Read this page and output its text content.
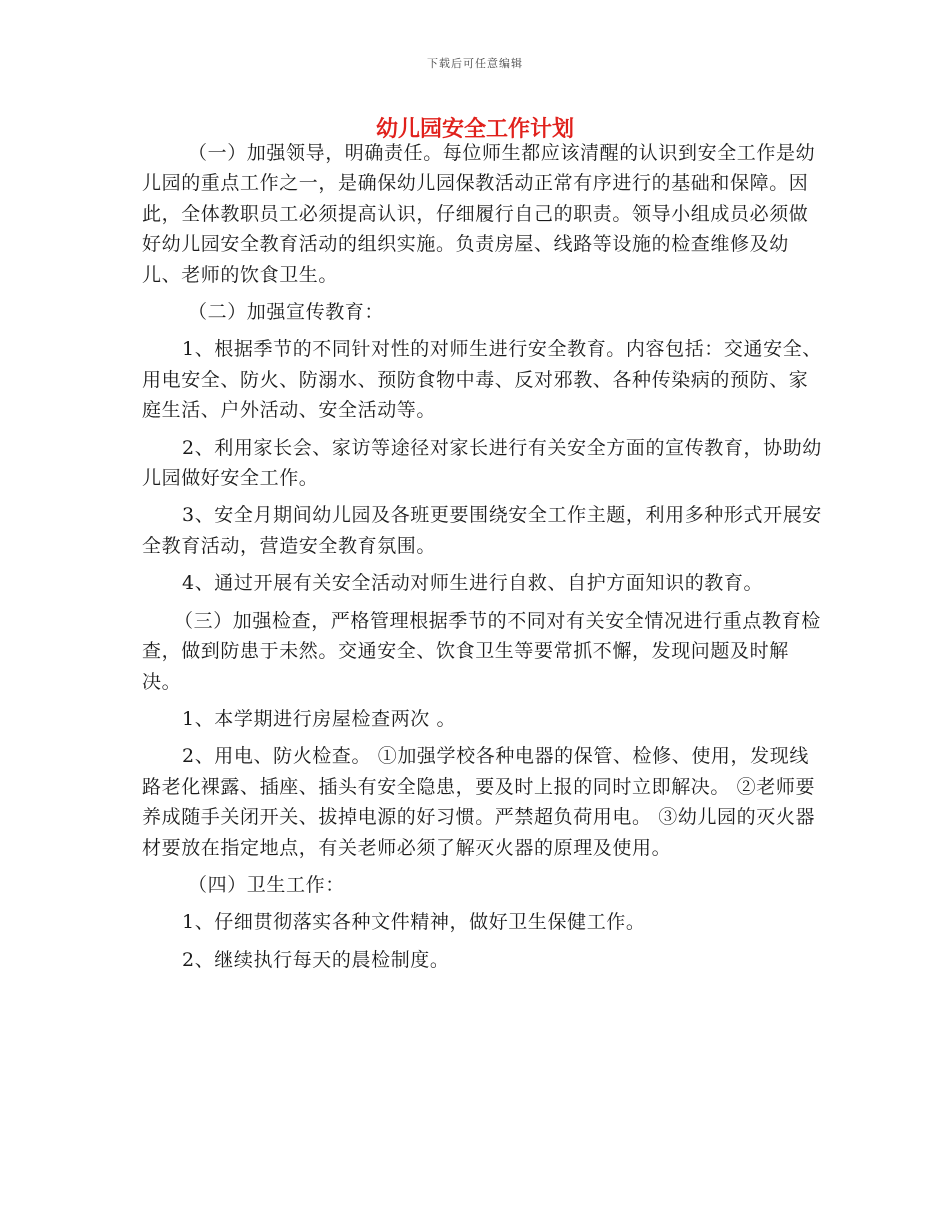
下载后可任意编辑
幼儿园安全工作计划

（一）加强领导，明确责任。每位师生都应该清醒的认识到安全工作是幼儿园的重点工作之一，是确保幼儿园保教活动正常有序进行的基础和保障。因此，全体教职员工必须提高认识，仔细履行自己的职责。领导小组成员必须做好幼儿园安全教育活动的组织实施。负责房屋、线路等设施的检查维修及幼儿、老师的饮食卫生。

（二）加强宣传教育：

1、根据季节的不同针对性的对师生进行安全教育。内容包括：交通安全、用电安全、防火、防溺水、预防食物中毒、反对邪教、各种传染病的预防、家庭生活、户外活动、安全活动等。

2、利用家长会、家访等途径对家长进行有关安全方面的宣传教育，协助幼儿园做好安全工作。

3、安全月期间幼儿园及各班更要围绕安全工作主题，利用多种形式开展安全教育活动，营造安全教育氛围。

4、通过开展有关安全活动对师生进行自救、自护方面知识的教育。

（三）加强检查，严格管理根据季节的不同对有关安全情况进行重点教育检查，做到防患于未然。交通安全、饮食卫生等要常抓不懈，发现问题及时解决。

1、本学期进行房屋检查两次 。

2、用电、防火检查。 ①加强学校各种电器的保管、检修、使用，发现线路老化裸露、插座、插头有安全隐患，要及时上报的同时立即解决。 ②老师要养成随手关闭开关、拔掉电源的好习惯。严禁超负荷用电。 ③幼儿园的灭火器材要放在指定地点，有关老师必须了解灭火器的原理及使用。

（四）卫生工作：

1、仔细贯彻落实各种文件精神，做好卫生保健工作。

2、继续执行每天的晨检制度。
